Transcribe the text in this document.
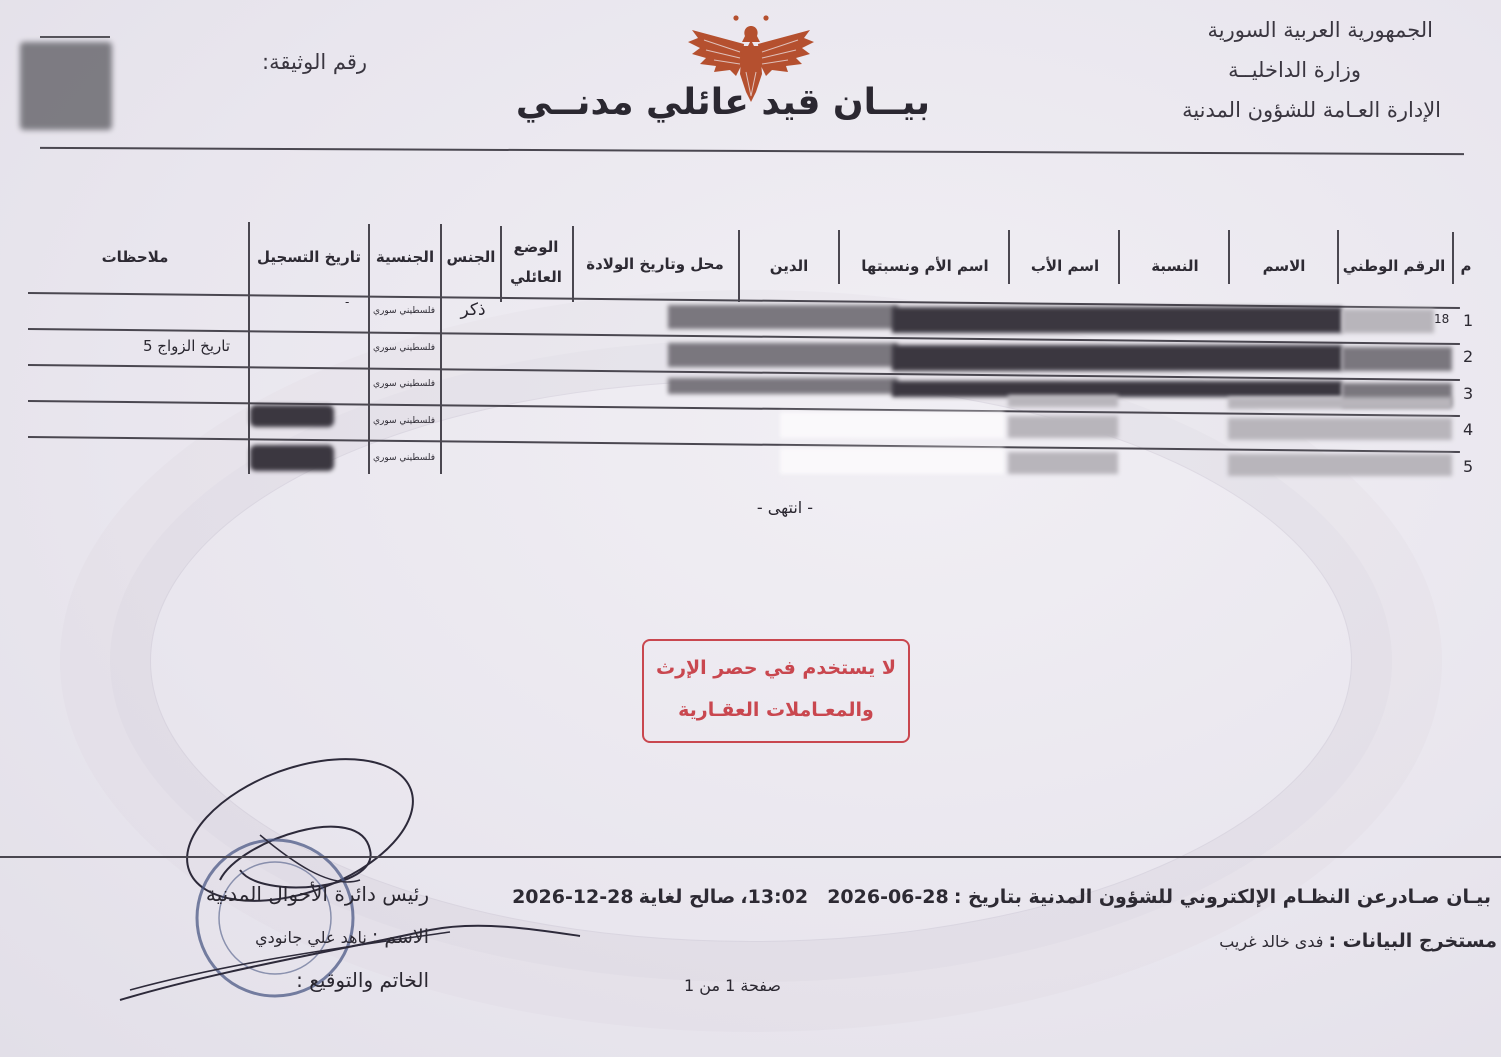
الجمهورية العربية السورية
وزارة الداخليــة
الإدارة العـامة للشؤون المدنية
بيــان قيد عائلي مدنــي
رقم الوثيقة:
م
الرقم الوطني
الاسم
النسبة
اسم الأب
اسم الأم ونسبتها
الدين
محل وتاريخ الولادة
الوضع العائلي
الجنس
الجنسية
تاريخ التسجيل
ملاحظات
1
2
3
4
5
18
ذكر
فلسطيني سوري
فلسطيني سوري
فلسطيني سوري
فلسطيني سوري
فلسطيني سوري
-
تاريخ الزواج 5
- انتهى -
لا يستخدم في حصر الإرث
والمعـاملات العقـارية
بيـان صـادرعن النظـام الإلكتروني للشؤون المدنية بتاريخ : 2026-06-28 13:02، صالح لغاية 2026-12-28
مستخرج البيانات : فدى خالد غريب
صفحة 1 من 1
رئيس دائرة الأحوال المدنية
الاسم : ناهد علي جانودي
الخاتم والتوقيع :
